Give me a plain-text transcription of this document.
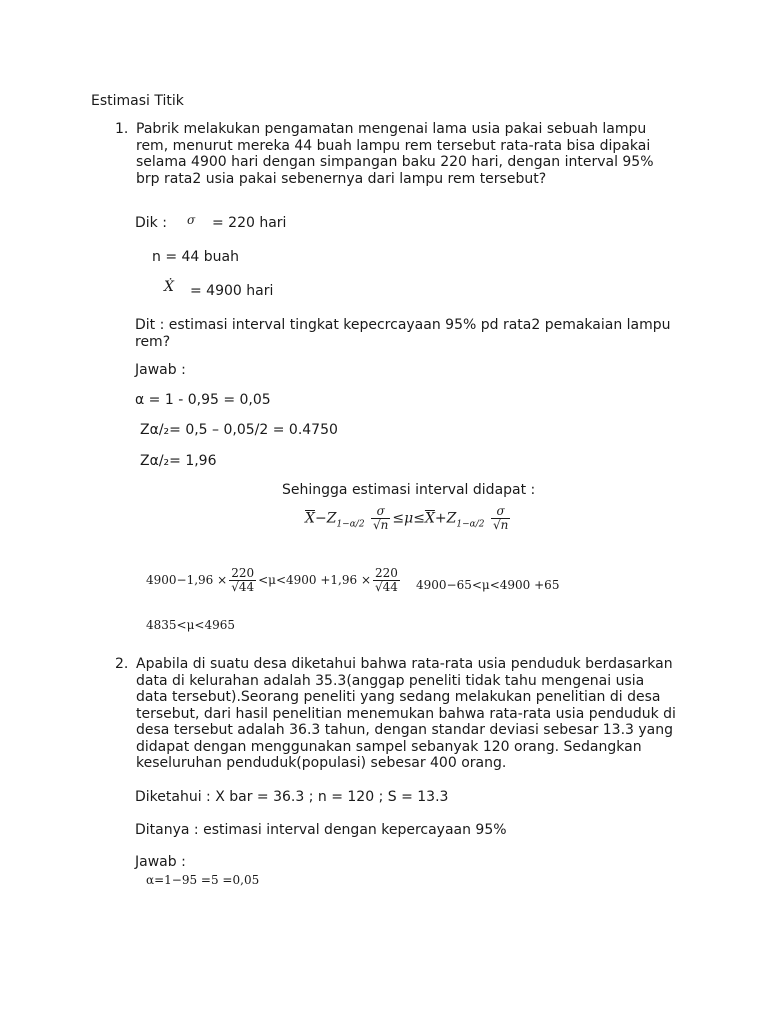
Estimasi Titik
1. Pabrik melakukan pengamatan mengenai lama usia pakai sebuah lampu rem, menurut mereka 44 buah lampu rem tersebut rata-rata bisa dipakai selama 4900 hari dengan simpangan baku 220 hari, dengan interval 95% brp rata2 usia pakai sebenernya dari lampu rem tersebut?
Dik : σ = 220 hari
n = 44 buah
Ẋ = 4900 hari
Dit : estimasi interval tingkat kepecrcayaan 95% pd rata2 pemakaian lampu rem?
Jawab :
α = 1 - 0,95 = 0,05
Zα/₂= 0,5 – 0,05/2 = 0.4750
Zα/₂= 1,96
Sehingga estimasi interval didapat :
$\overline{X}-Z_{1-\alpha/2} \frac{\sigma}{√n} \le\mu\le\overline{X}+Z_{1-\alpha/2} \frac{\sigma}{√n}$
$4900-1,96 \times \frac{220}{√44} <\mu<4900 +1,96 \times \frac{220}{√44} 4900-65<\mu<4900 +65$
4835<μ<4965
2. Apabila di suatu desa diketahui bahwa rata-rata usia penduduk berdasarkan data di kelurahan adalah 35.3(anggap peneliti tidak tahu mengenai usia data tersebut).Seorang peneliti yang sedang melakukan penelitian di desa tersebut, dari hasil penelitian menemukan bahwa rata-rata usia penduduk di desa tersebut adalah 36.3 tahun, dengan standar deviasi sebesar 13.3 yang didapat dengan menggunakan sampel sebanyak 120 orang. Sedangkan keseluruhan penduduk(populasi) sebesar 400 orang.
Diketahui : X bar = 36.3 ; n = 120 ; S = 13.3
Ditanya : estimasi interval dengan kepercayaan 95%
Jawab :
α=1−95 =5 =0,05
